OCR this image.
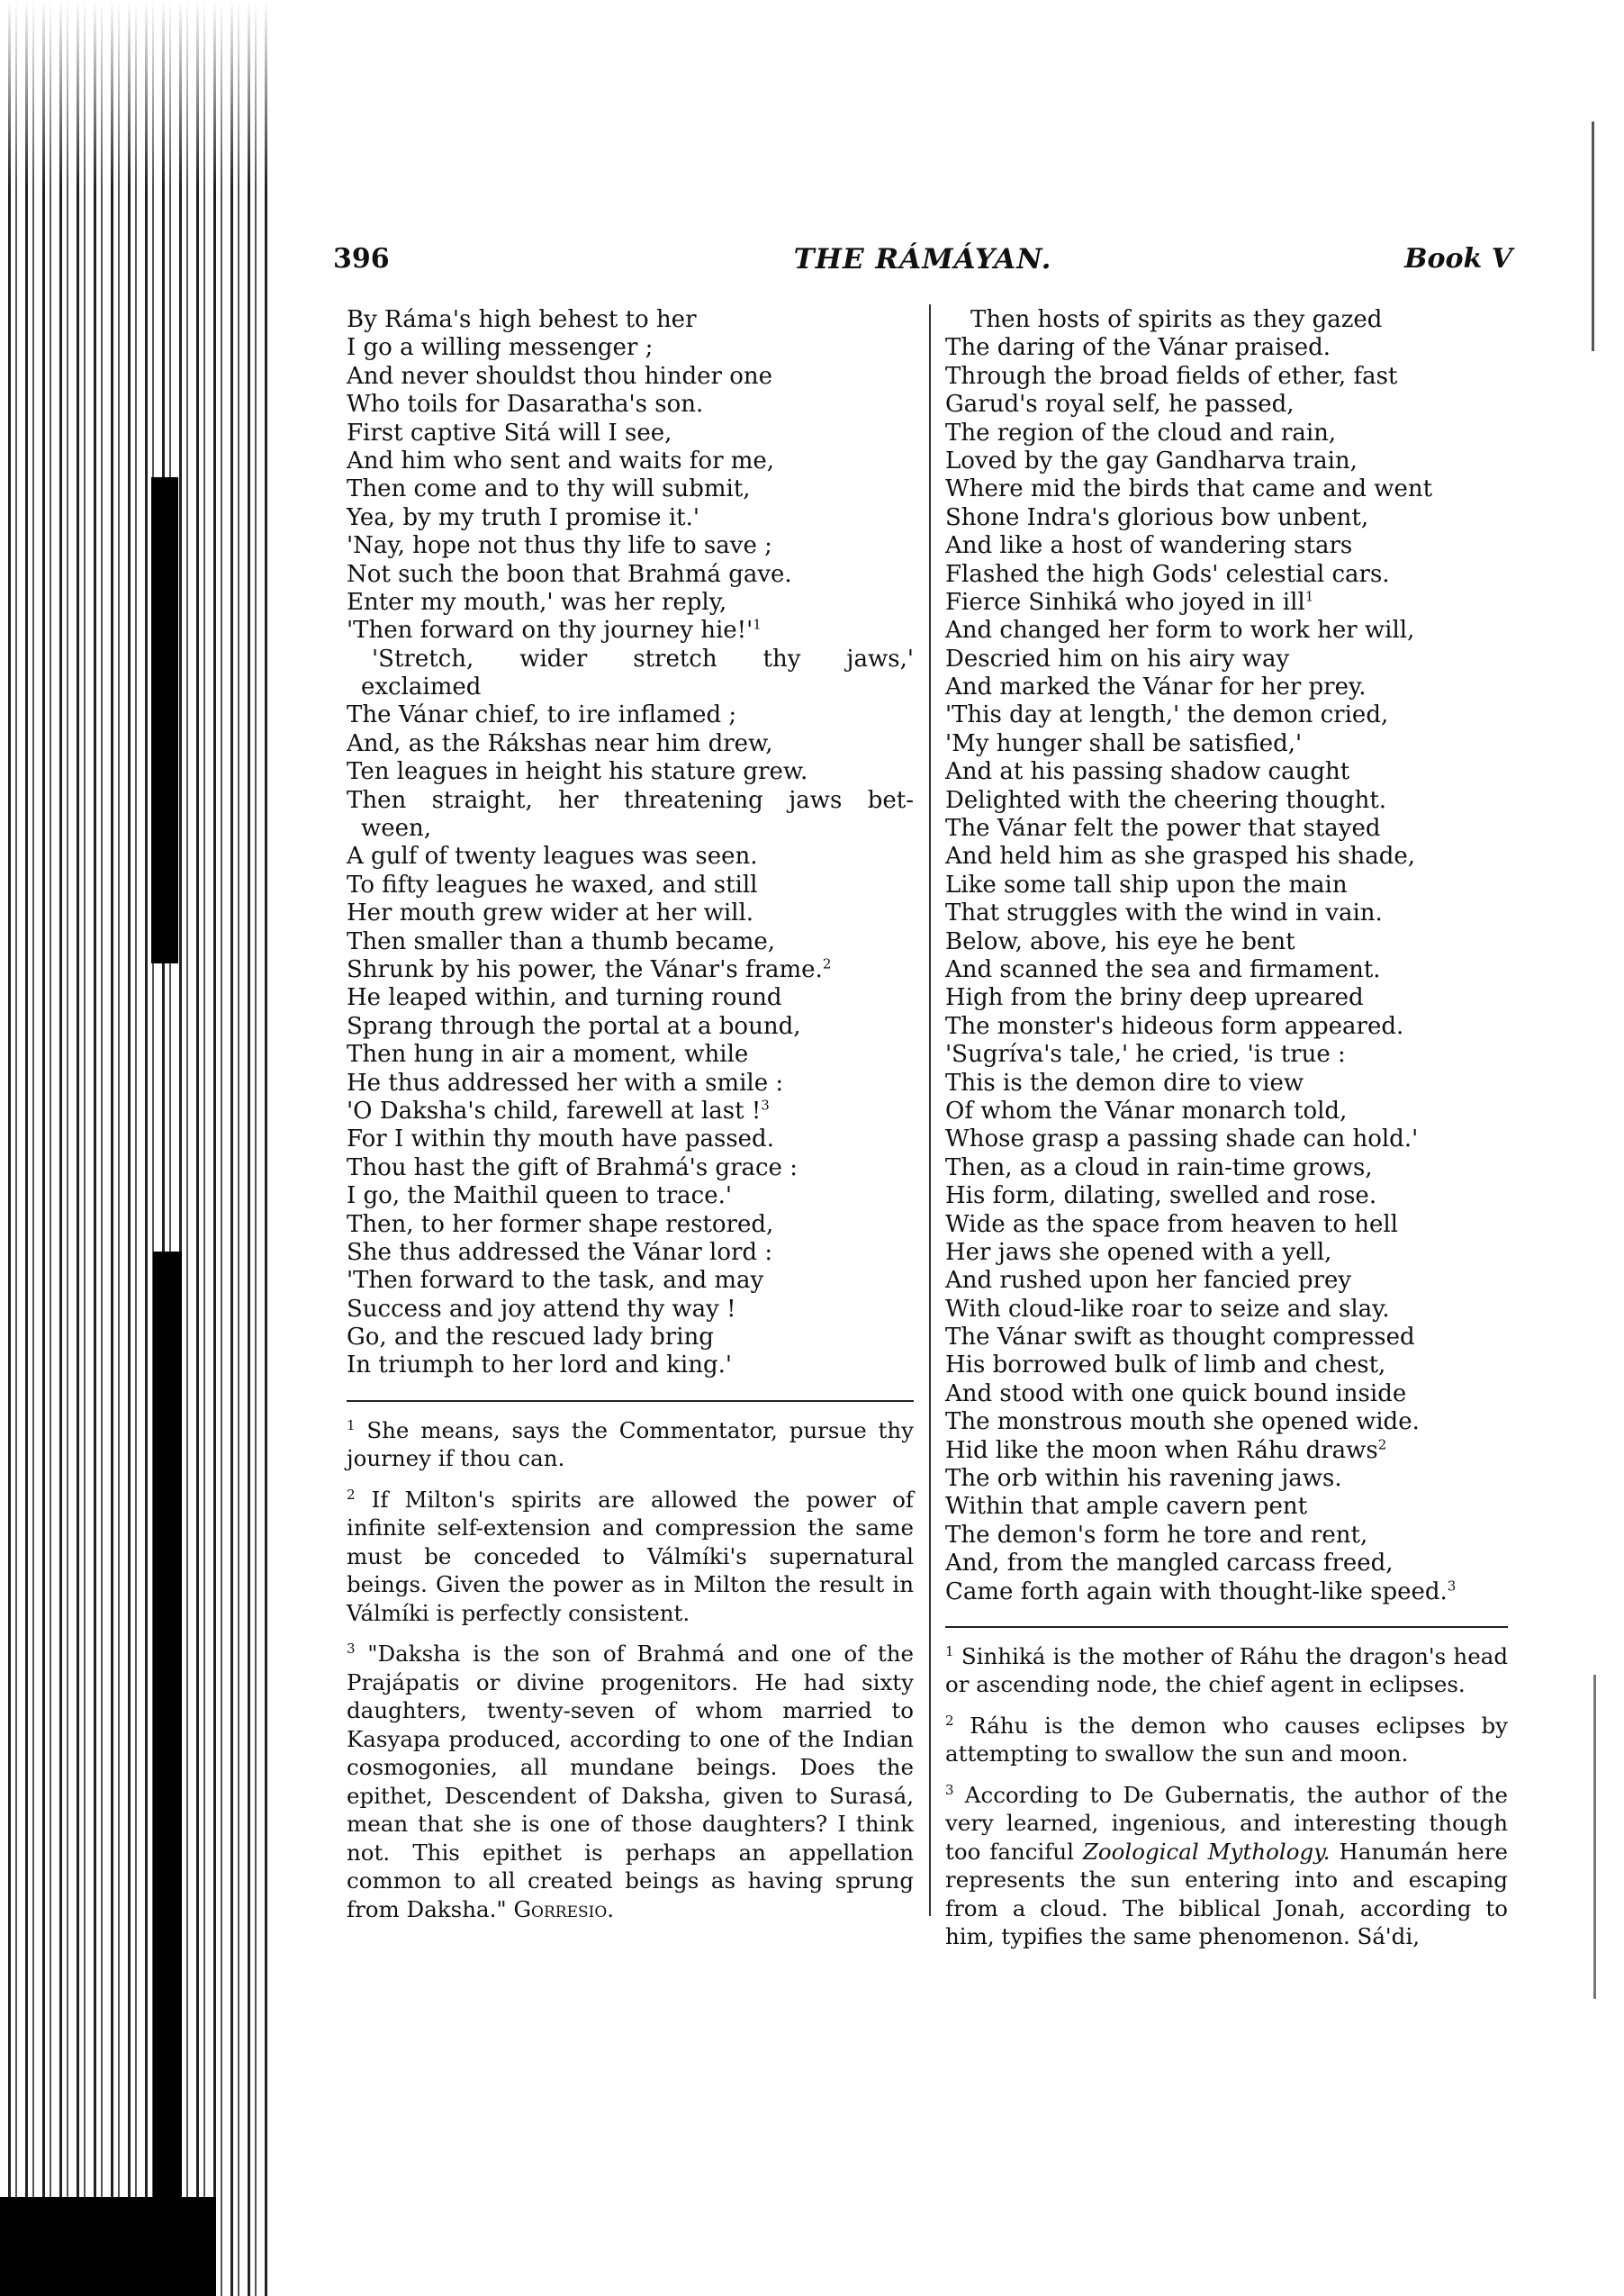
396	THE RÁMÁYAN.	Book V
By Ráma's high behest to her
I go a willing messenger ;
And never shouldst thou hinder one
Who toils for Dasaratha's son.
First captive Sitá will I see,
And him who sent and waits for me,
Then come and to thy will submit,
Yea, by my truth I promise it.'
'Nay, hope not thus thy life to save ;
Not such the boon that Brahmá gave.
Enter my mouth,' was her reply,
'Then forward on thy journey $hie!'^1$
'Stretch, wider stretch thy jaws,'
exclaimed
The Vánar chief, to ire inflamed ;
And, as the Rákshas near him drew,
Ten leagues in height his stature grew.
Then straight, her threatening jaws bet-
ween,
A gulf of twenty leagues was seen.
To fifty leagues he waxed, and still
Her mouth grew wider at her will.
Then smaller than a thumb became,
Shrunk by his power, the Vánar's frame.$^2$
He leaped within, and turning round
Sprang through the portal at a bound,
Then hung in air a moment, while
He thus addressed her with a smile :
'O Daksha's child, farewell at last !$^3$
For I within thy mouth have passed.
Thou hast the gift of Brahmá's grace :
I go, the Maithil queen to trace.'
Then, to her former shape restored,
She thus addressed the Vánar lord :
'Then forward to the task, and may
Success and joy attend thy way !
Go, and the rescued lady bring
In triumph to her lord and king.'
$^1$ She means, says the Commentator, pursue thy journey if thou can.
$^2$ If Milton's spirits are allowed the power of infinite self-extension and compression the same must be conceded to Válmíki's supernatural beings. Given the power as in Milton the result in Válmíki is perfectly consistent.
$^3$ "Daksha is the son of Brahmá and one of the Prajápatis or divine progenitors. He had sixty daughters, twenty-seven of whom married to Kasyapa produced, according to one of the Indian cosmogonies, all mundane beings. Does the epithet, Descendent of Daksha, given to Surasá, mean that she is one of those daughters? I think not. This epithet is perhaps an appellation common to all created beings as having sprung from Daksha." Gorresio.
Then hosts of spirits as they gazed
The daring of the Vánar praised.
Through the broad fields of ether, fast
Garud's royal self, he passed,
The region of the cloud and rain,
Loved by the gay Gandharva train,
Where mid the birds that came and went
Shone Indra's glorious bow unbent,
And like a host of wandering stars
Flashed the high Gods' celestial cars.
Fierce Sinhiká who joyed in ill$^1$
And changed her form to work her will,
Descried him on his airy way
And marked the Vánar for her prey.
'This day at length,' the demon cried,
'My hunger shall be satisfied,'
And at his passing shadow caught
Delighted with the cheering thought.
The Vánar felt the power that stayed
And held him as she grasped his shade,
Like some tall ship upon the main
That struggles with the wind in vain.
Below, above, his eye he bent
And scanned the sea and firmament.
High from the briny deep upreared
The monster's hideous form appeared.
'Sugríva's tale,' he cried, 'is true :
This is the demon dire to view
Of whom the Vánar monarch told,
Whose grasp a passing shade can hold.'
Then, as a cloud in rain-time grows,
His form, dilating, swelled and rose.
Wide as the space from heaven to hell
Her jaws she opened with a yell,
And rushed upon her fancied prey
With cloud-like roar to seize and slay.
The Vánar swift as thought compressed
His borrowed bulk of limb and chest,
And stood with one quick bound inside
The monstrous mouth she opened wide.
Hid like the moon when Ráhu draws$^2$
The orb within his ravening jaws.
Within that ample cavern pent
The demon's form he tore and rent,
And, from the mangled carcass freed,
Came forth again with thought-like speed.$^3$
$^1$ Sinhiká is the mother of Ráhu the dragon's head or ascending node, the chief agent in eclipses.
$^2$ Ráhu is the demon who causes eclipses by attempting to swallow the sun and moon.
$^3$ According to De Gubernatis, the author of the very learned, ingenious, and interesting though too fanciful Zoological Mythology. Hanumán here represents the sun entering into and escaping from a cloud. The biblical Jonah, according to him, typifies the same phenomenon. Sá'di,
